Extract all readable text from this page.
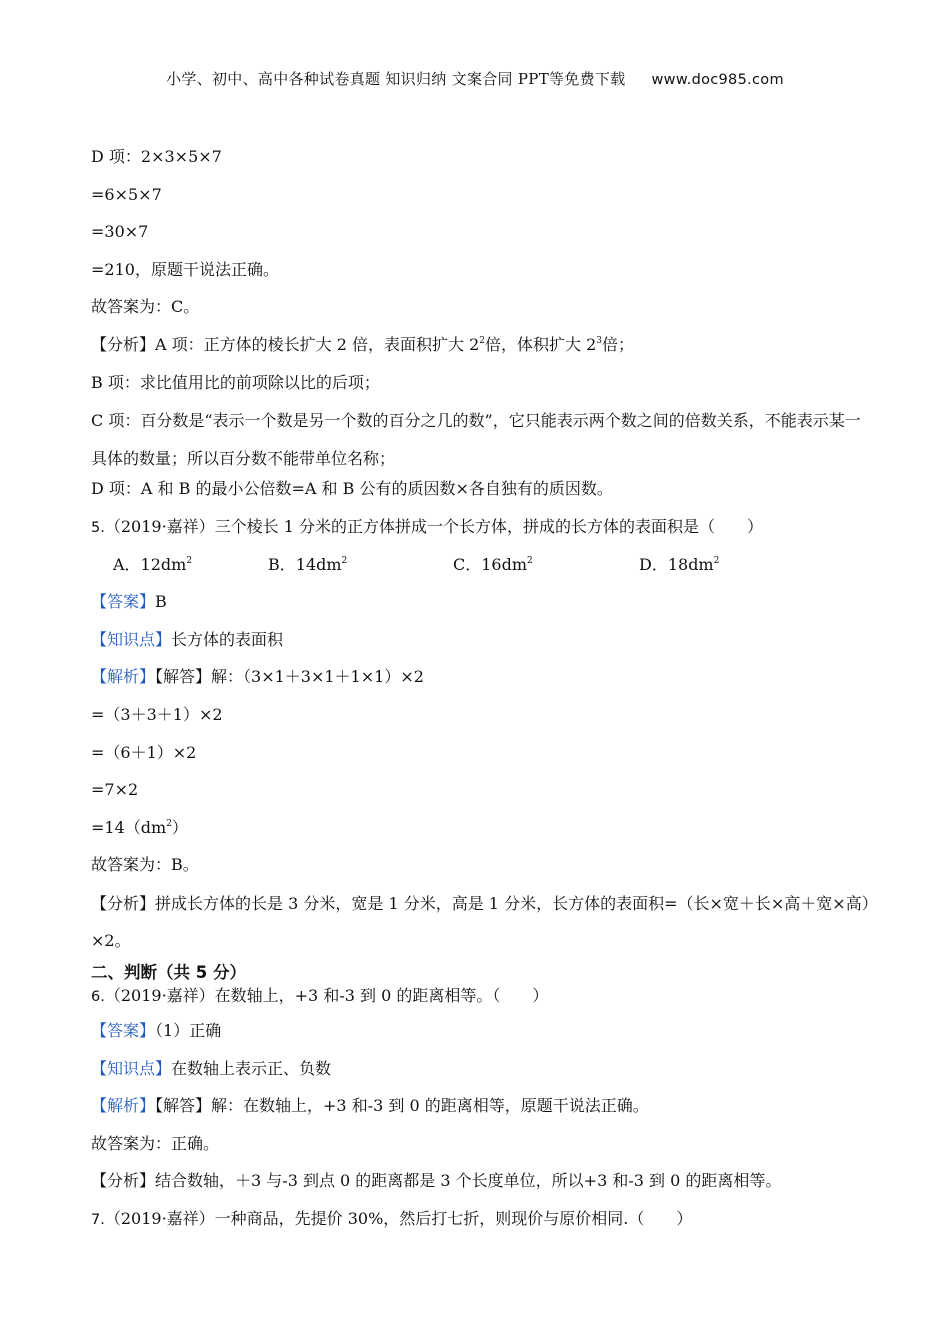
小学、初中、高中各种试卷真题 知识归纳 文案合同 PPT等免费下载 www.doc985.com
D 项：2×3×5×7
=6×5×7
=30×7
=210，原题干说法正确。
故答案为：C。
【分析】A 项：正方体的棱长扩大 2 倍，表面积扩大 $2^2$倍，体积扩大 $2^3$倍；
B 项：求比值用比的前项除以比的后项；
C 项：百分数是“表示一个数是另一个数的百分之几的数”，它只能表示两个数之间的倍数关系，不能表示某一具体的数量；所以百分数不能带单位名称；
D 项：A 和 B 的最小公倍数=A 和 B 公有的质因数×各自独有的质因数。
5.（2019·嘉祥）三个棱长 1 分米的正方体拼成一个长方体，拼成的长方体的表面积是（　　）
A．$12dm^2$	B．$14dm^2$	C．$16dm^2$	D．$18dm^2$
【答案】B
【知识点】长方体的表面积
【解析】【解答】解：（3×1＋3×1＋1×1）×2
=（3＋3＋1）×2
=（6＋1）×2
=7×2
$=14(dm^2)$
故答案为：B。
【分析】拼成长方体的长是 3 分米，宽是 1 分米，高是 1 分米，长方体的表面积=（长×宽＋长×高＋宽×高）×2。
二、判断（共 5 分）
6.（2019·嘉祥）在数轴上，+3 和-3 到 0 的距离相等。（　　）
【答案】（1）正确
【知识点】在数轴上表示正、负数
【解析】【解答】解：在数轴上，+3 和-3 到 0 的距离相等，原题干说法正确。
故答案为：正确。
【分析】结合数轴，＋3 与-3 到点 0 的距离都是 3 个长度单位，所以+3 和-3 到 0 的距离相等。
7.（2019·嘉祥）一种商品，先提价 30%，然后打七折，则现价与原价相同.（　　）
